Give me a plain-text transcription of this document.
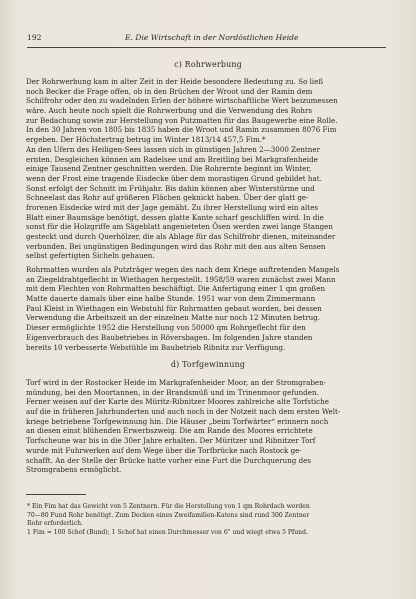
192	E. Die Wirtschaft in der Nordöstlichen Heide
c) Rohrwerbung
Der Rohrwerbung kam in alter Zeit in der Heide besondere Bedeutung zu. So ließ
noch Becker die Frage offen, ob in den Brüchen der Wroot und der Ramin dem
Schilfrohr oder den zu wadelnden Erlen der höhere wirtschaftliche Wert beizumessen
wäre. Auch heute noch spielt die Rohrwerbung und die Verwendung des Rohrs
zur Bedachung sowie zur Herstellung von Putzmatten für das Baugewerbe eine Rolle.
In den 30 Jahren von 1805 bis 1835 haben die Wroot und Ramin zusammen 8076 Fim
ergeben. Der Höchstertrag betrug im Winter 1813/14 457,5 Fim.*
An den Ufern des Heiligen-Sees lassen sich in günstigen Jahren 2—3000 Zentner
ernten. Desgleichen können am Radelsee und am Breitling bei Markgrafenheide
einige Tausend Zentner geschnitten werden. Die Rohrernte beginnt im Winter,
wenn der Frost eine tragende Eisdecke über dem morastigen Grund gebildet hat.
Sonst erfolgt der Schnitt im Frühjahr. Bis dahin können aber Winterstürme und
Schneelast das Rohr auf größeren Flächen geknickt haben. Über der glatt ge-
frorenen Eisdecke wird mit der Jage gemäht. Zu ihrer Herstellung wird ein altes
Blatt einer Baumsäge benötigt, dessen glatte Kante scharf geschliffen wird. In die
sonst für die Holzgriffe am Sägeblatt angenieteten Ösen werden zwei lange Stangen
gesteckt und durch Querhölzer, die als Ablage für das Schilfrohr dienen, miteinander
verbunden. Bei ungünstigen Bedingungen wird das Rohr mit den aus alten Sensen
selbst gefertigten Sicheln gehauen.
Rohrmatten wurden als Putzträger wegen des nach dem Kriege auftretenden Mangels
an Ziegeldrahtgeflecht in Wiethagen hergestellt. 1958/59 waren zunächst zwei Mann
mit dem Flechten von Rohrmatten beschäftigt. Die Anfertigung einer 1 qm großen
Matte dauerte damals über eine halbe Stunde. 1951 war von dem Zimmermann
Paul Kleist in Wiethagen ein Webstuhl für Rohrmatten gebaut worden, bei dessen
Verwendung die Arbeitszeit an der einzelnen Matte nur noch 12 Minuten betrug.
Dieser ermöglichte 1952 die Herstellung von 50000 qm Rohrgeflecht für den
Eigenverbrauch des Baubetriebes in Röversbagen. Im folgenden Jahre standen
bereits 10 verbesserte Webstühle im Baubetrieb Ribnitz zur Verfügung.
d) Torfgewinnung
Torf wird in der Rostocker Heide im Markgrafenheider Moor, an der Stromgraben-
mündung, bei den Moortannen, in der Brandsmüß und im Trinenmoor gefunden.
Ferner weisen auf der Karte des Müritz-Ribnitzer Moores zahlreiche alte Torfstiche
auf die in früheren Jahrhunderten und auch noch in der Notzeit nach dem ersten Welt-
kriege betriebene Torfgewinnung hin. Die Häuser „beim Torfwärter“ erinnern noch
an diesen einst blühenden Erwerbszweig. Die am Rande des Moores errichtete
Torfscheune war bis in die 30er Jahre erhalten. Der Müritzer und Ribnitzer Torf
wurde mit Fuhrwerken auf dem Wege über die Torfbrücke nach Rostock ge-
schafft. An der Stelle der Brücke hatte vorher eine Furt die Durchquerung des
Stromgrabens ermöglicht.
* Ein Fim hat das Gewicht von 5 Zentnern. Für die Herstellung von 1 qm Rohrdach werden
70—80 Fund Rohr benötigt. Zum Decken eines Zweifamilien-Katens sind rund 300 Zentner
Rohr erforderlich.
1 Fim = 100 Schof (Bund); 1 Schof hat einen Durchmesser von 6" und wiegt etwa 5 Pfund.
